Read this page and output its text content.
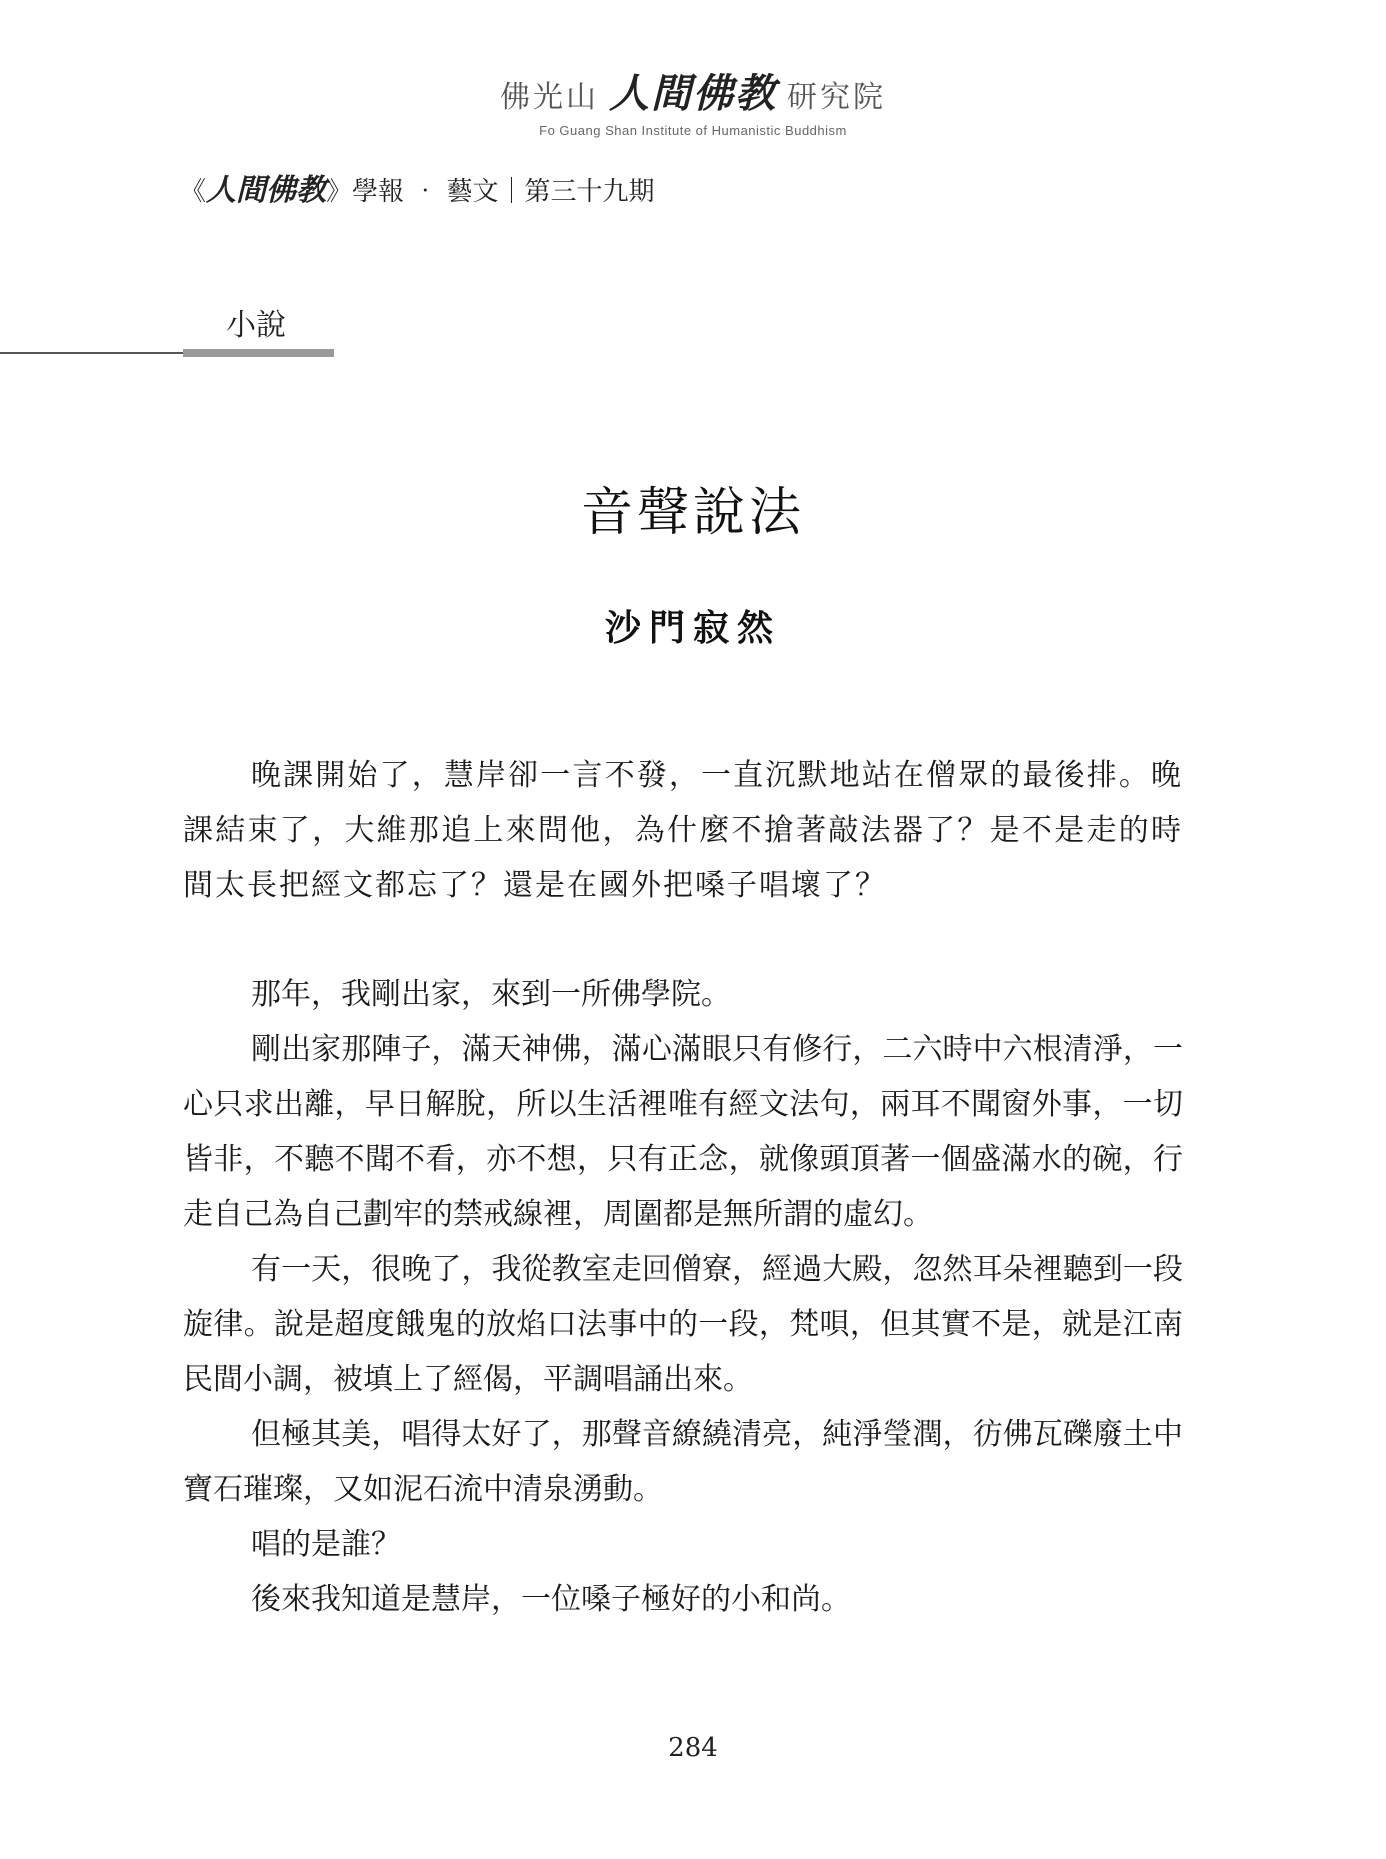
佛光山 人間佛教 研究院
Fo Guang Shan Institute of Humanistic Buddhism
《人間佛教》學報 ‧ 藝文｜第三十九期
小說
音聲說法
沙門寂然

晚課開始了，慧岸卻一言不發，一直沉默地站在僧眾的最後排。晚課結束了，大維那追上來問他，為什麼不搶著敲法器了？是不是走的時間太長把經文都忘了？還是在國外把嗓子唱壞了？

那年，我剛出家，來到一所佛學院。

剛出家那陣子，滿天神佛，滿心滿眼只有修行，二六時中六根清淨，一心只求出離，早日解脫，所以生活裡唯有經文法句，兩耳不聞窗外事，一切皆非，不聽不聞不看，亦不想，只有正念，就像頭頂著一個盛滿水的碗，行走自己為自己劃牢的禁戒線裡，周圍都是無所謂的虛幻。

有一天，很晚了，我從教室走回僧寮，經過大殿，忽然耳朵裡聽到一段旋律。說是超度餓鬼的放焰口法事中的一段，梵唄，但其實不是，就是江南民間小調，被填上了經偈，平調唱誦出來。

但極其美，唱得太好了，那聲音繚繞清亮，純淨瑩潤，彷佛瓦礫廢土中寶石璀璨，又如泥石流中清泉湧動。

唱的是誰？

後來我知道是慧岸，一位嗓子極好的小和尚。

284
